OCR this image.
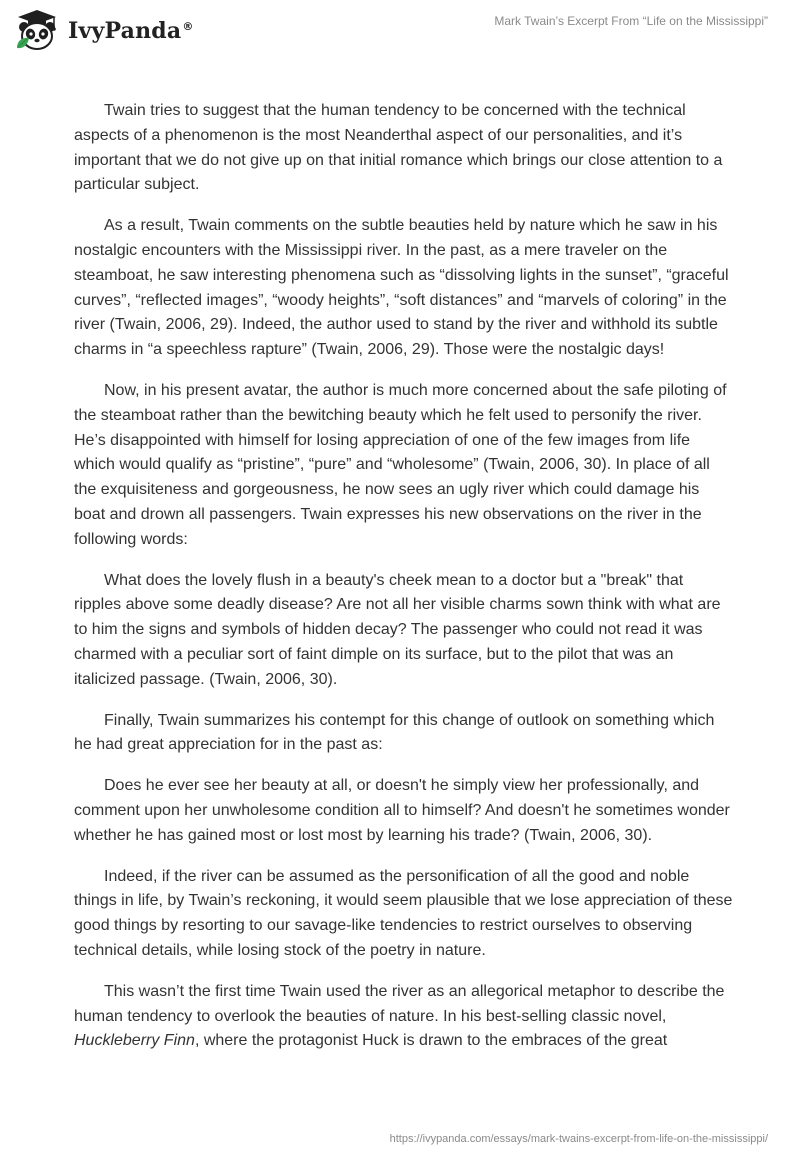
IvyPanda®	Mark Twain’s Excerpt From “Life on the Mississippi”

Twain tries to suggest that the human tendency to be concerned with the technical aspects of a phenomenon is the most Neanderthal aspect of our personalities, and it’s important that we do not give up on that initial romance which brings our close attention to a particular subject.

As a result, Twain comments on the subtle beauties held by nature which he saw in his nostalgic encounters with the Mississippi river. In the past, as a mere traveler on the steamboat, he saw interesting phenomena such as “dissolving lights in the sunset”, “graceful curves”, “reflected images”, “woody heights”, “soft distances” and “marvels of coloring” in the river (Twain, 2006, 29). Indeed, the author used to stand by the river and withhold its subtle charms in “a speechless rapture” (Twain, 2006, 29). Those were the nostalgic days!

Now, in his present avatar, the author is much more concerned about the safe piloting of the steamboat rather than the bewitching beauty which he felt used to personify the river. He’s disappointed with himself for losing appreciation of one of the few images from life which would qualify as “pristine”, “pure” and “wholesome” (Twain, 2006, 30). In place of all the exquisiteness and gorgeousness, he now sees an ugly river which could damage his boat and drown all passengers. Twain expresses his new observations on the river in the following words:

What does the lovely flush in a beauty's cheek mean to a doctor but a "break" that ripples above some deadly disease? Are not all her visible charms sown think with what are to him the signs and symbols of hidden decay? The passenger who could not read it was charmed with a peculiar sort of faint dimple on its surface, but to the pilot that was an italicized passage. (Twain, 2006, 30).

Finally, Twain summarizes his contempt for this change of outlook on something which he had great appreciation for in the past as:

Does he ever see her beauty at all, or doesn't he simply view her professionally, and comment upon her unwholesome condition all to himself? And doesn't he sometimes wonder whether he has gained most or lost most by learning his trade? (Twain, 2006, 30).

Indeed, if the river can be assumed as the personification of all the good and noble things in life, by Twain’s reckoning, it would seem plausible that we lose appreciation of these good things by resorting to our savage-like tendencies to restrict ourselves to observing technical details, while losing stock of the poetry in nature.

This wasn’t the first time Twain used the river as an allegorical metaphor to describe the human tendency to overlook the beauties of nature. In his best-selling classic novel, Huckleberry Finn, where the protagonist Huck is drawn to the embraces of the great

https://ivypanda.com/essays/mark-twains-excerpt-from-life-on-the-mississippi/
